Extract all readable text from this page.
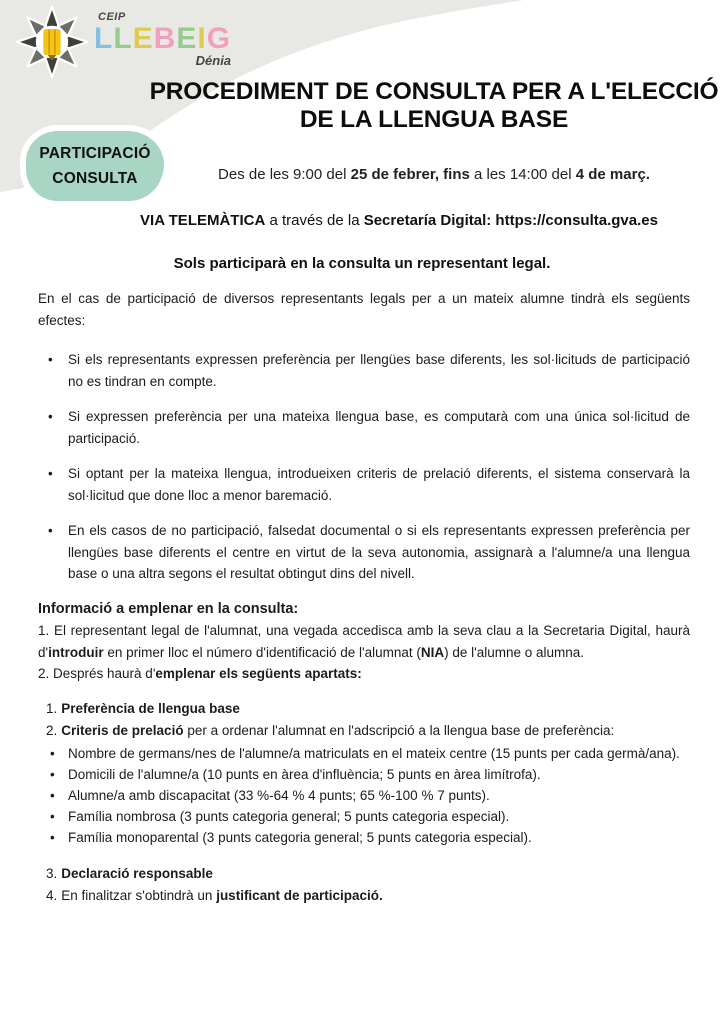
CEIP
LLEBEIG
Dénia
PARTICIPACIÓ
CONSULTA
PROCEDIMENT DE CONSULTA PER A L'ELECCIÓ
DE LA LLENGUA BASE
Des de les 9:00 del 25 de febrer, fins a les 14:00 del 4 de març.
VIA TELEMÀTICA a través de la Secretaría Digital: https://consulta.gva.es
Sols participarà en la consulta un representant legal.

En el cas de participació de diversos representants legals per a un mateix alumne tindrà els següents efectes:

• Si els representants expressen preferència per llengües base diferents, les sol·licituds de participació no es tindran en compte.
• Si expressen preferència per una mateixa llengua base, es computarà com una única sol·licitud de participació.
• Si optant per la mateixa llengua, introdueixen criteris de prelació diferents, el sistema conservarà la sol·licitud que done lloc a menor baremació.
• En els casos de no participació, falsedat documental o si els representants expressen preferència per llengües base diferents el centre en virtut de la seva autonomia, assignarà a l'alumne/a una llengua base o una altra segons el resultat obtingut dins del nivell.

Informació a emplenar en la consulta:

1. El representant legal de l'alumnat, una vegada accedisca amb la seva clau a la Secretaria Digital, haurà d'introduir en primer lloc el número d'identificació de l'alumnat (NIA) de l'alumne o alumna.

2. Després haurà d'emplenar els següents apartats:

1. Preferència de llengua base
2. Criteris de prelació per a ordenar l'alumnat en l'adscripció a la llengua base de preferència:
• Nombre de germans/nes de l'alumne/a matriculats en el mateix centre (15 punts per cada germà/ana).
• Domicili de l'alumne/a (10 punts en àrea d'influència; 5 punts en àrea limítrofa).
• Alumne/a amb discapacitat (33 %-64 % 4 punts; 65 %-100 % 7 punts).
• Família nombrosa (3 punts categoria general; 5 punts categoria especial).
• Família monoparental (3 punts categoria general; 5 punts categoria especial).
3. Declaració responsable
4. En finalitzar s'obtindrà un justificant de participació.
